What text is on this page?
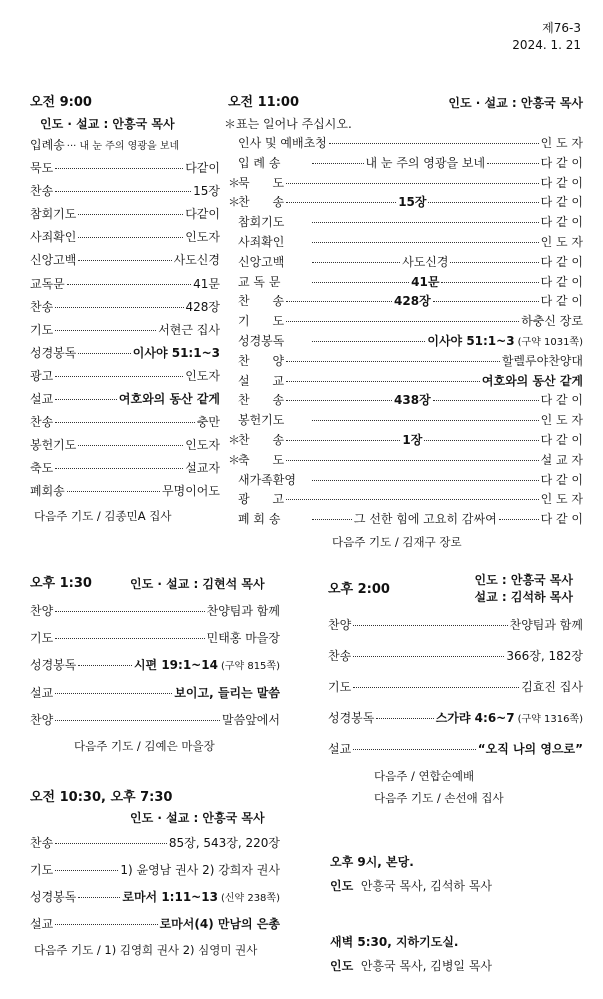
제76-3
2024. 1. 21
오전 9:00
인도 · 설교 : 안흥국 목사
입례송 ··· 내 눈 주의 영광을 보네
묵도	다같이
찬송	15장
참회기도	다같이
사죄확인	인도자
신앙고백	사도신경
교독문	41문
찬송	428장
기도	서현근 집사
성경봉독	이사야 51:1~3
광고	인도자
설교	여호와의 동산 같게
찬송	충만
봉헌기도	인도자
축도	설교자
폐회송	무명이어도
다음주 기도 / 김종민A 집사
오전 11:00	인도 · 설교 : 안흥국 목사
＊표는 일어나 주십시오.
인사 및 예배초청	인 도 자
입 례 송	내 눈 주의 영광을 보네	다 같 이
＊
묵      도	다 같 이
＊
찬      송	15장	다 같 이
참회기도	다 같 이
사죄확인	인 도 자
신앙고백	사도신경	다 같 이
교 독 문	41문	다 같 이
찬      송	428장	다 같 이
기      도	하충신 장로
성경봉독	이사야 51:1~3 (구약 1031쪽)
찬      양	할렐루야찬양대
설      교	여호와의 동산 같게
찬      송	438장	다 같 이
봉헌기도	인 도 자
＊
찬      송	1장	다 같 이
＊
축      도	설 교 자
새가족환영	다 같 이
광      고	인 도 자
폐 회 송	그 선한 힘에 고요히 감싸여	다 같 이
다음주 기도 / 김재구 장로
오후 1:30	인도 · 설교 : 김현석 목사
찬양	찬양팀과 함께
기도	민태홍 마을장
성경봉독	시편 19:1~14 (구약 815쪽)
설교	보이고, 들리는 말씀
찬양	말씀앞에서
다음주 기도 / 김예은 마을장
오후 2:00
인도 : 안흥국 목사
설교 : 김석하 목사
찬양	찬양팀과 함께
찬송	366장, 182장
기도	김효진 집사
성경봉독	스가랴 4:6~7 (구약 1316쪽)
설교	“오직 나의 영으로”
다음주 / 연합순예배
다음주 기도 / 손선애 집사
오전 10:30, 오후 7:30
인도 · 설교 : 안흥국 목사
찬송	85장, 543장, 220장
기도	1) 윤영남 권사 2) 강희자 권사
성경봉독	로마서 1:11~13 (신약 238쪽)
설교	로마서(4) 만남의 은총
다음주 기도 / 1) 김영희 권사 2) 심영미 권사
오후 9시, 본당.
인도 안흥국 목사, 김석하 목사
새벽 5:30, 지하기도실.
인도 안흥국 목사, 김병일 목사
